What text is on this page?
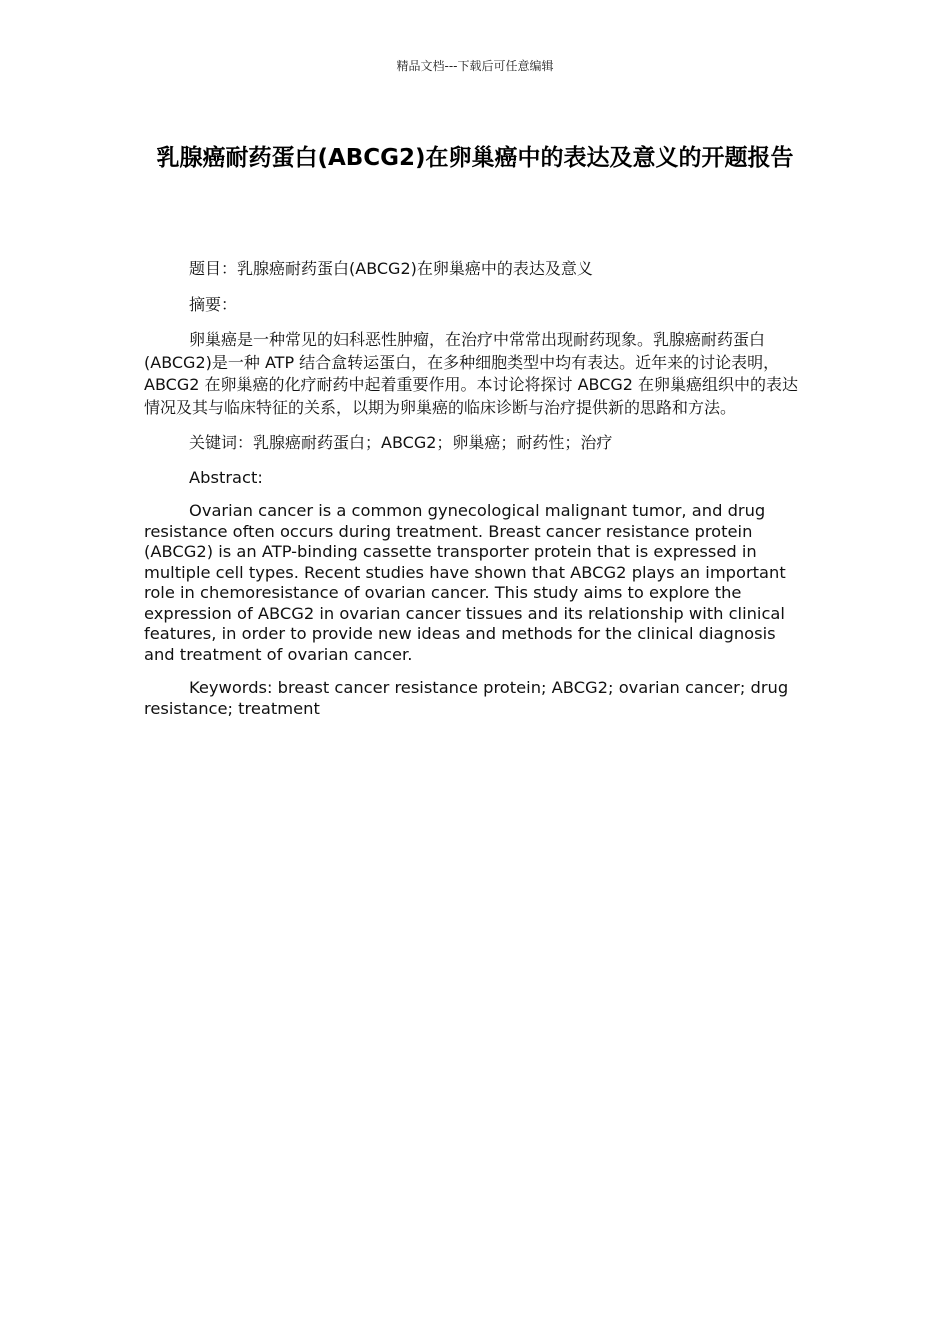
精品文档---下载后可任意编辑
乳腺癌耐药蛋白(ABCG2)在卵巢癌中的表达及意义的开题报告

题目：乳腺癌耐药蛋白(ABCG2)在卵巢癌中的表达及意义

摘要：

卵巢癌是一种常见的妇科恶性肿瘤，在治疗中常常出现耐药现象。乳腺癌耐药蛋白(ABCG2)是一种 ATP 结合盒转运蛋白，在多种细胞类型中均有表达。近年来的讨论表明，ABCG2 在卵巢癌的化疗耐药中起着重要作用。本讨论将探讨 ABCG2 在卵巢癌组织中的表达情况及其与临床特征的关系，以期为卵巢癌的临床诊断与治疗提供新的思路和方法。

关键词：乳腺癌耐药蛋白；ABCG2；卵巢癌；耐药性；治疗

Abstract:

Ovarian cancer is a common gynecological malignant tumor, and drug resistance often occurs during treatment. Breast cancer resistance protein (ABCG2) is an ATP-binding cassette transporter protein that is expressed in multiple cell types. Recent studies have shown that ABCG2 plays an important role in chemoresistance of ovarian cancer. This study aims to explore the expression of ABCG2 in ovarian cancer tissues and its relationship with clinical features, in order to provide new ideas and methods for the clinical diagnosis and treatment of ovarian cancer.

Keywords: breast cancer resistance protein; ABCG2; ovarian cancer; drug resistance; treatment
